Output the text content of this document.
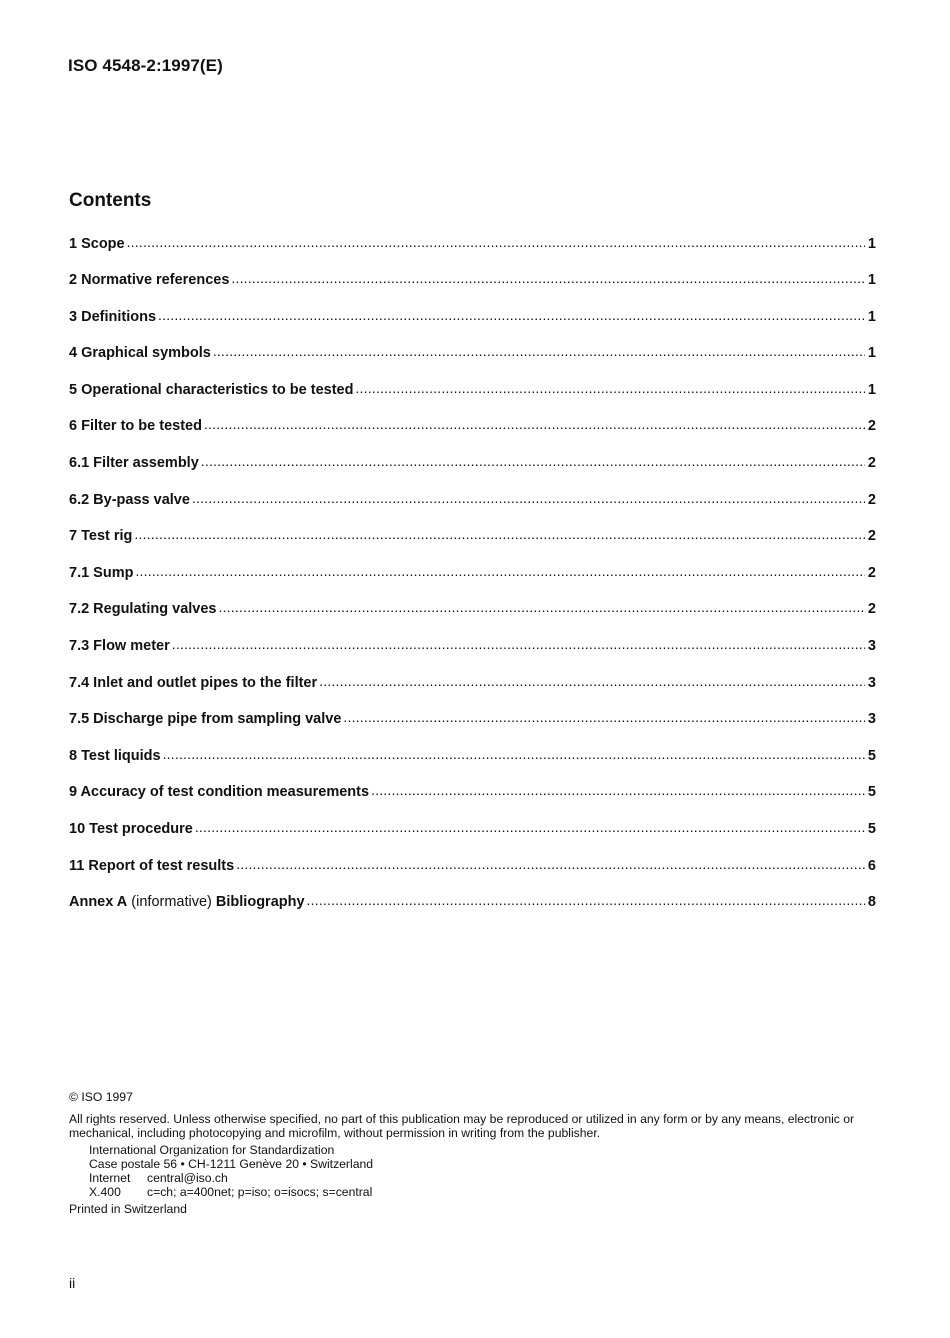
ISO 4548-2:1997(E)
Contents
1 Scope .....	1
2 Normative references .....	1
3 Definitions .....	1
4 Graphical symbols .....	1
5 Operational characteristics to be tested .....	1
6 Filter to be tested .....	2
6.1 Filter assembly .....	2
6.2 By-pass valve .....	2
7 Test rig .....	2
7.1 Sump .....	2
7.2 Regulating valves .....	2
7.3 Flow meter .....	3
7.4 Inlet and outlet pipes to the filter .....	3
7.5 Discharge pipe from sampling valve .....	3
8 Test liquids .....	5
9 Accuracy of test condition measurements .....	5
10 Test procedure .....	5
11 Report of test results .....	6
Annex A (informative) Bibliography .....	8
© ISO 1997
All rights reserved. Unless otherwise specified, no part of this publication may be reproduced or utilized in any form or by any means, electronic or mechanical, including photocopying and microfilm, without permission in writing from the publisher.
International Organization for Standardization
Case postale 56 • CH-1211 Genève 20 • Switzerland
Internet	central@iso.ch
X.400	c=ch; a=400net; p=iso; o=isocs; s=central
Printed in Switzerland
ii
